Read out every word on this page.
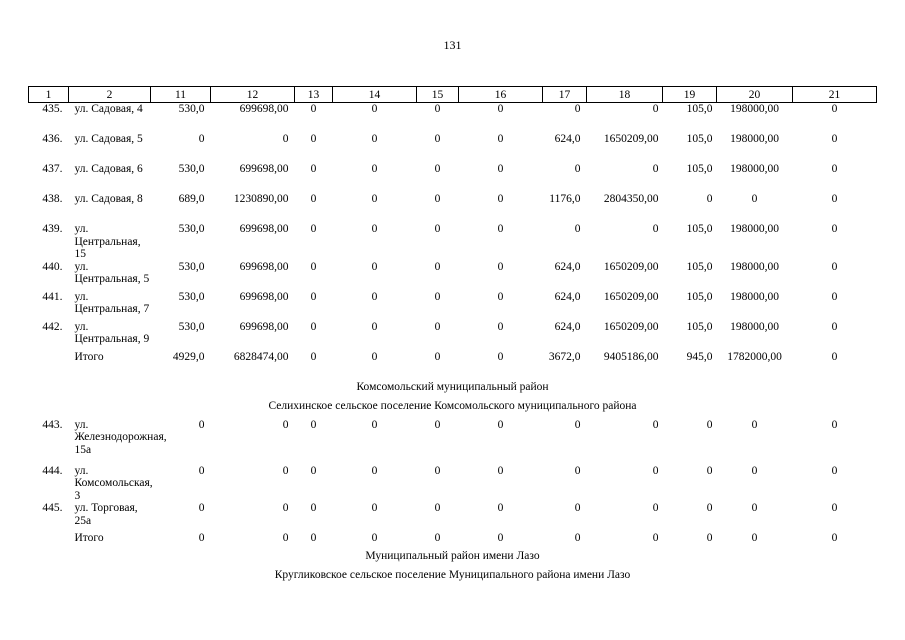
131
1	2	11	12	13	14	15	16	17	18	19	20	21
435.	ул. Садовая, 4	530,0	699698,00	0	0	0	0	0	0	105,0	198000,00	0
436.	ул. Садовая, 5	0	0	0	0	0	0	624,0	1650209,00	105,0	198000,00	0
437.	ул. Садовая, 6	530,0	699698,00	0	0	0	0	0	0	105,0	198000,00	0
438.	ул. Садовая, 8	689,0	1230890,00	0	0	0	0	1176,0	2804350,00	0	0	0
439.	ул. Центральная, 15	530,0	699698,00	0	0	0	0	0	0	105,0	198000,00	0
440.	ул. Центральная, 5	530,0	699698,00	0	0	0	0	624,0	1650209,00	105,0	198000,00	0
441.	ул. Центральная, 7	530,0	699698,00	0	0	0	0	624,0	1650209,00	105,0	198000,00	0
442.	ул. Центральная, 9	530,0	699698,00	0	0	0	0	624,0	1650209,00	105,0	198000,00	0
	Итого	4929,0	6828474,00	0	0	0	0	3672,0	9405186,00	945,0	1782000,00	0
Комсомольский муниципальный район												
Селихинское сельское поселение Комсомольского муниципального района												
443.	ул. Железнодорожная, 15а	0	0	0	0	0	0	0	0	0	0	0
444.	ул. Комсомольская, 3	0	0	0	0	0	0	0	0	0	0	0
445.	ул. Торговая, 25а	0	0	0	0	0	0	0	0	0	0	0
	Итого	0	0	0	0	0	0	0	0	0	0	0
Муниципальный район имени Лазо												
Кругликовское сельское поселение Муниципального района имени Лазо												
